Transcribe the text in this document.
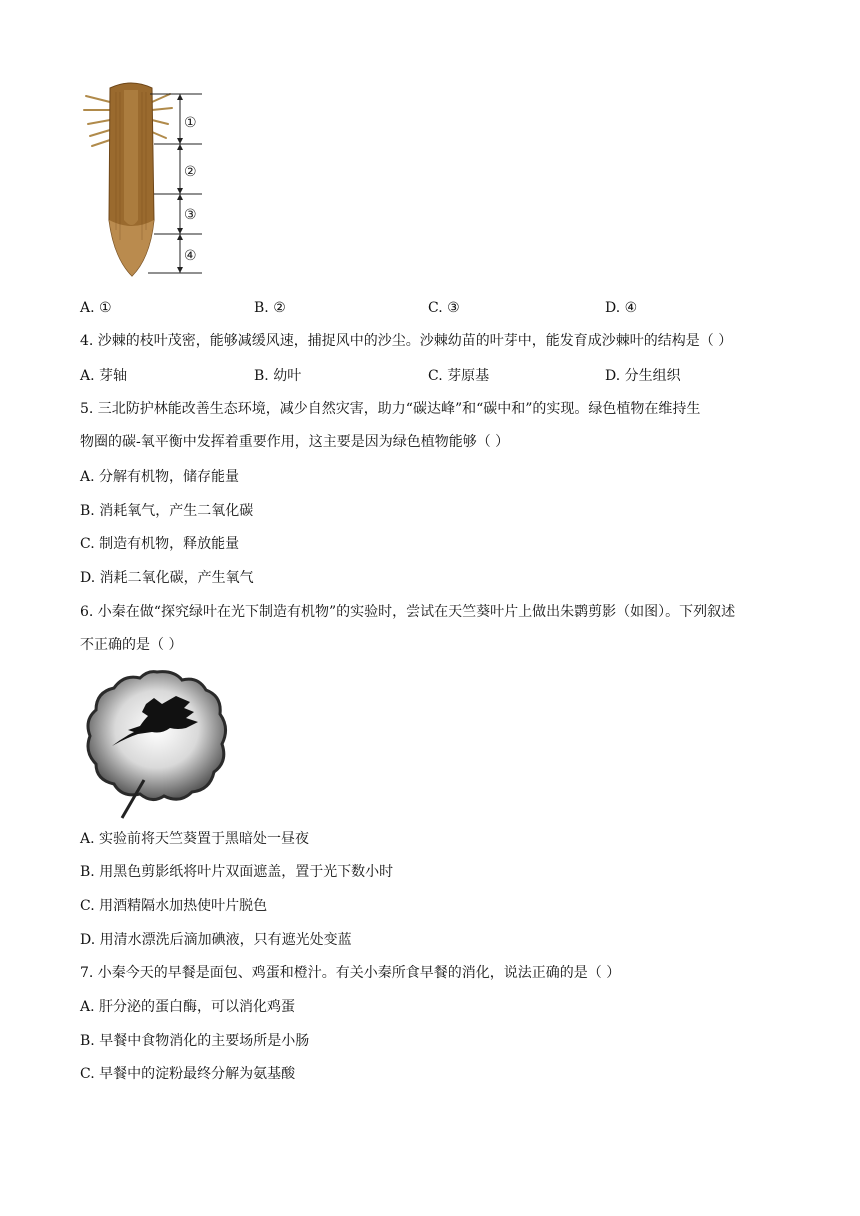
①
②
③
④
A. ①	B. ②	C. ③	D. ④
4. 沙棘的枝叶茂密，能够减缓风速，捕捉风中的沙尘。沙棘幼苗的叶芽中，能发育成沙棘叶的结构是（ ）
A. 芽轴	B. 幼叶	C. 芽原基	D. 分生组织
5. 三北防护林能改善生态环境，减少自然灾害，助力“碳达峰”和“碳中和”的实现。绿色植物在维持生
物圈的碳-氧平衡中发挥着重要作用，这主要是因为绿色植物能够（ ）
A. 分解有机物，储存能量
B. 消耗氧气，产生二氧化碳
C. 制造有机物，释放能量
D. 消耗二氧化碳，产生氧气
6. 小秦在做“探究绿叶在光下制造有机物”的实验时，尝试在天竺葵叶片上做出朱鹮剪影（如图）。下列叙述
不正确的是（ ）
A. 实验前将天竺葵置于黑暗处一昼夜
B. 用黑色剪影纸将叶片双面遮盖，置于光下数小时
C. 用酒精隔水加热使叶片脱色
D. 用清水漂洗后滴加碘液，只有遮光处变蓝
7. 小秦今天的早餐是面包、鸡蛋和橙汁。有关小秦所食早餐的消化，说法正确的是（ ）
A. 肝分泌的蛋白酶，可以消化鸡蛋
B. 早餐中食物消化的主要场所是小肠
C. 早餐中的淀粉最终分解为氨基酸
